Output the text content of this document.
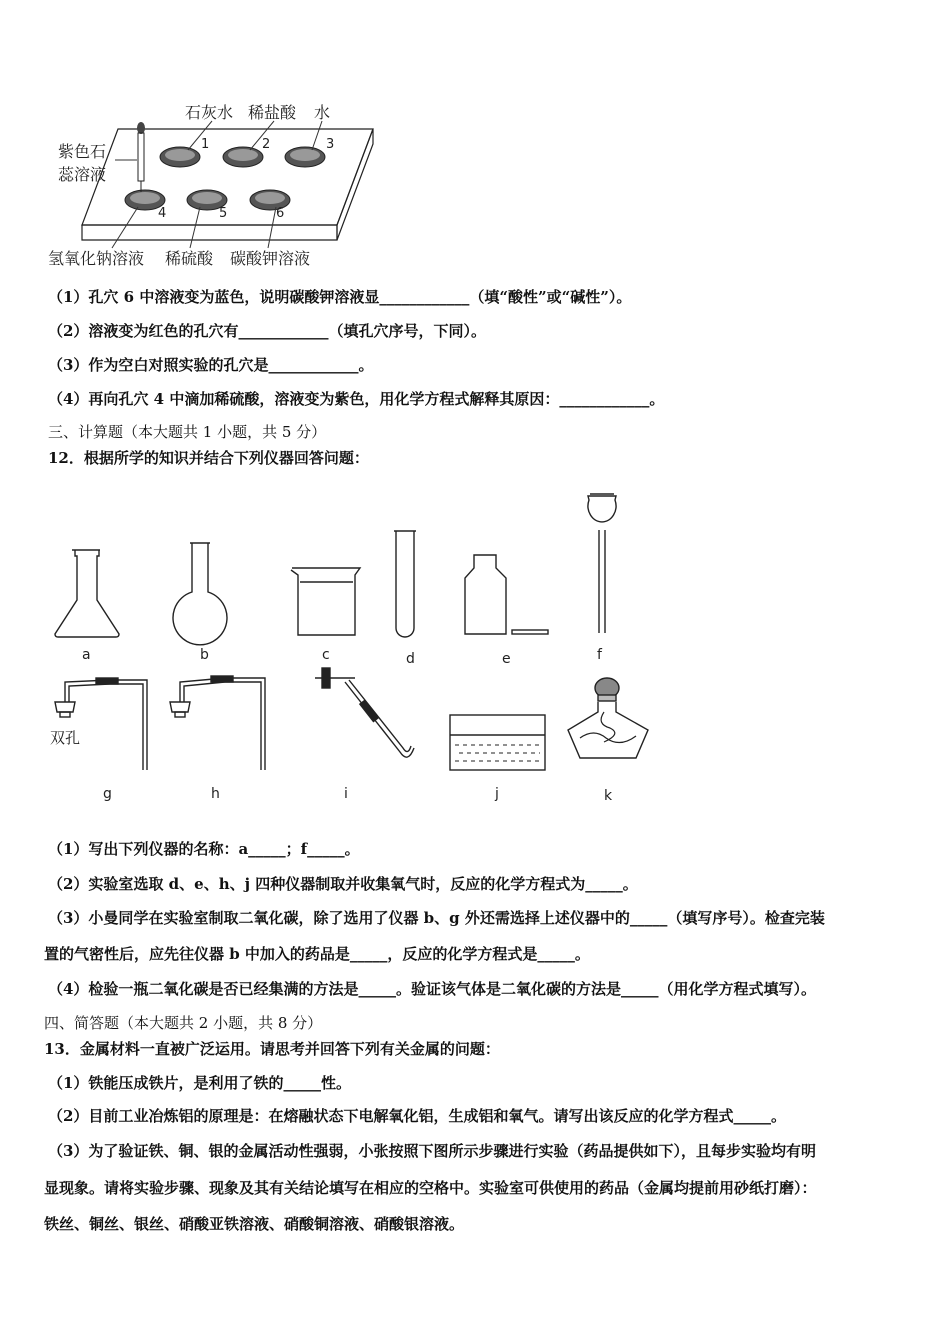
石灰水 稀盐酸 水
紫色石
蕊溶液
氢氧化钠溶液 稀硫酸 碳酸钾溶液
1	2	3
4	5	6
（1）孔穴 6 中溶液变为蓝色，说明碳酸钾溶液显____________（填“酸性”或“碱性”）。
（2）溶液变为红色的孔穴有____________（填孔穴序号，下同）。
（3）作为空白对照实验的孔穴是____________。
（4）再向孔穴 4 中滴加稀硫酸，溶液变为紫色，用化学方程式解释其原因：____________。
三、计算题（本大题共 1 小题，共 5 分）
12．根据所学的知识并结合下列仪器回答问题：
a	b	c	d	e	f
g	h	i	j	k
双孔
（1）写出下列仪器的名称：a_____；f_____。
（2）实验室选取 d、e、h、j 四种仪器制取并收集氧气时，反应的化学方程式为_____。
（3）小曼同学在实验室制取二氧化碳，除了选用了仪器 b、g 外还需选择上述仪器中的_____（填写序号）。检查完装
置的气密性后，应先往仪器 b 中加入的药品是_____，反应的化学方程式是_____。
（4）检验一瓶二氧化碳是否已经集满的方法是_____。验证该气体是二氧化碳的方法是_____（用化学方程式填写）。
四、简答题（本大题共 2 小题，共 8 分）
13．金属材料一直被广泛运用。请思考并回答下列有关金属的问题：
（1）铁能压成铁片，是利用了铁的_____性。
（2）目前工业冶炼铝的原理是：在熔融状态下电解氧化铝，生成铝和氧气。请写出该反应的化学方程式_____。
（3）为了验证铁、铜、银的金属活动性强弱，小张按照下图所示步骤进行实验（药品提供如下），且每步实验均有明
显现象。请将实验步骤、现象及其有关结论填写在相应的空格中。实验室可供使用的药品（金属均提前用砂纸打磨）：
铁丝、铜丝、银丝、硝酸亚铁溶液、硝酸铜溶液、硝酸银溶液。
